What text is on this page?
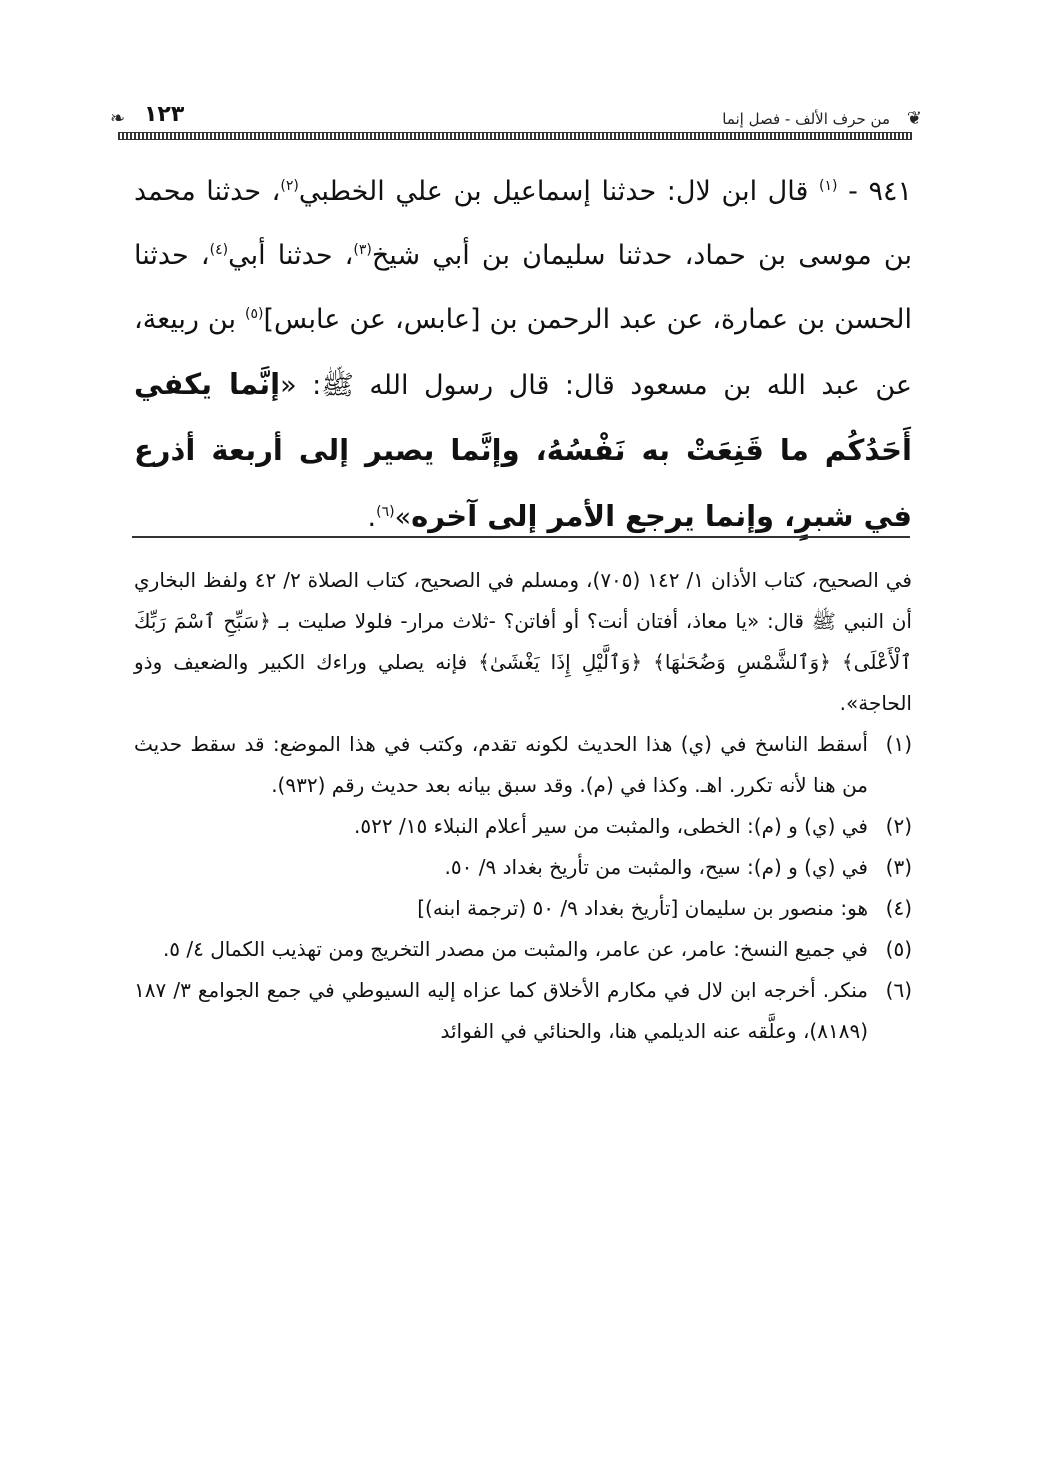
❦
من حرف الألف - فصل إنما
١٢٣
❧

٩٤١ - $^{(١)}$ قال ابن لال: حدثنا إسماعيل بن علي الخطبي$^{(٢)}$، حدثنا محمد بن موسى بن حماد، حدثنا سليمان بن أبي شيخ$^{(٣)}$، حدثنا أبي$^{(٤)}$، حدثنا الحسن بن عمارة، عن عبد الرحمن بن [عابس، عن عابس]$^{(٥)}$ بن ربيعة، عن عبد الله بن مسعود قال: قال رسول الله ﷺ: «إنَّما يكفي أَحَدُكُم ما قَنِعَتْ به نَفْسُهُ، وإنَّما يصير إلى أربعة أذرع في شبرٍ، وإنما يرجع الأمر إلى آخره»$^{(٦)}$.

في الصحيح، كتاب الأذان ١/ ١٤٢ (٧٠٥)، ومسلم في الصحيح، كتاب الصلاة ٢/ ٤٢ ولفظ البخاري أن النبي ﷺ قال: «يا معاذ، أفتان أنت؟ أو أفاتن؟ -ثلاث مرار- فلولا صليت بـ ﴿سَبِّحِ ٱسْمَ رَبِّكَ ٱلْأَعْلَى﴾ ﴿وَٱلشَّمْسِ وَضُحَىٰهَا﴾ ﴿وَٱلَّيْلِ إِذَا يَغْشَىٰ﴾ فإنه يصلي وراءك الكبير والضعيف وذو الحاجة».

(١)
أسقط الناسخ في (ي) هذا الحديث لكونه تقدم، وكتب في هذا الموضع: قد سقط حديث من هنا لأنه تكرر. اهـ. وكذا في (م). وقد سبق بيانه بعد حديث رقم (٩٣٢).
(٢)
في (ي) و (م): الخطى، والمثبت من سير أعلام النبلاء ١٥/ ٥٢٢.
(٣)
في (ي) و (م): سيح، والمثبت من تأريخ بغداد ٩/ ٥٠.
(٤)
هو: منصور بن سليمان [تأريخ بغداد ٩/ ٥٠ (ترجمة ابنه)]
(٥)
في جميع النسخ: عامر، عن عامر، والمثبت من مصدر التخريج ومن تهذيب الكمال ٤/ ٥.
(٦)
منكر. أخرجه ابن لال في مكارم الأخلاق كما عزاه إليه السيوطي في جمع الجوامع ٣/ ١٨٧ (٨١٨٩)، وعلَّقه عنه الديلمي هنا، والحنائي في الفوائد
